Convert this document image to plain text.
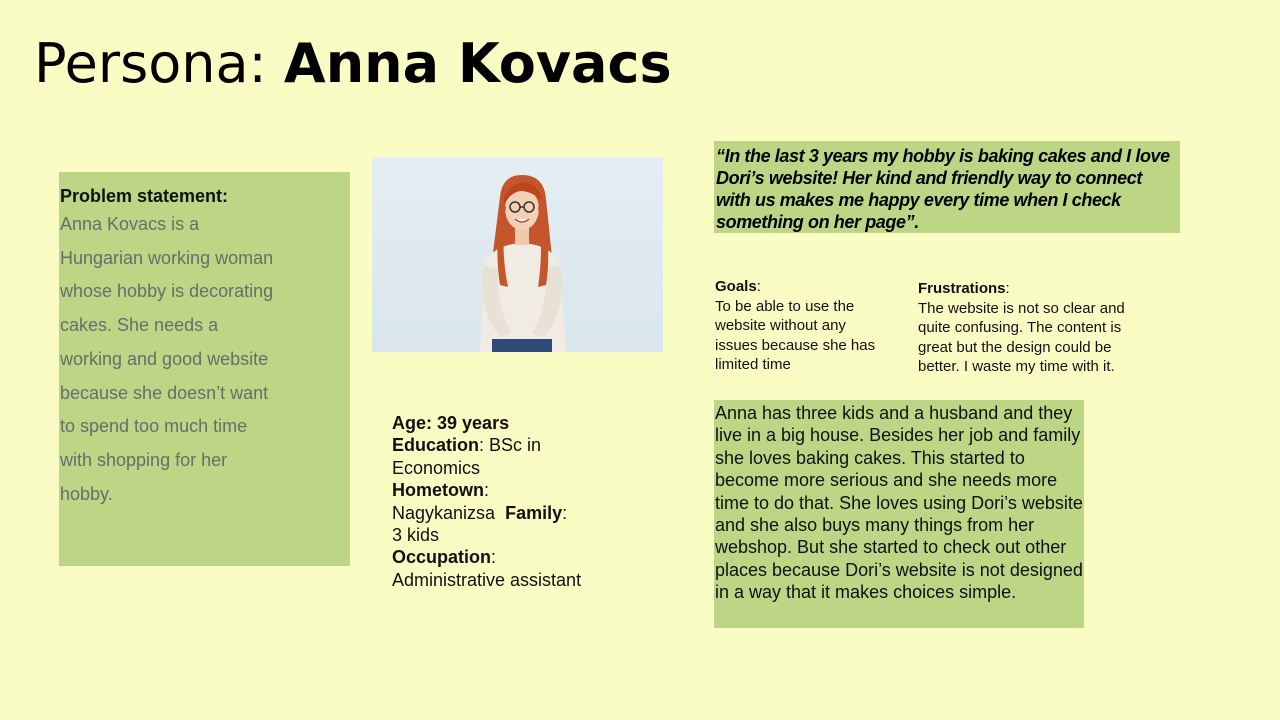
Persona: Anna Kovacs
Problem statement:
Anna Kovacs is a Hungarian working woman whose hobby is decorating cakes. She needs a working and good website because she doesn’t want to spend too much time with shopping for her hobby.
Age: 39 years
Education: BSc in Economics
Hometown: Nagykanizsa Family: 3 kids
Occupation: Administrative assistant
“In the last 3 years my hobby is baking cakes and I love Dori’s website! Her kind and friendly way to connect with us makes me happy every time when I check something on her page”.
Goals:
To be able to use the website without any issues because she has limited time
Frustrations:
The website is not so clear and quite confusing. The content is great but the design could be better. I waste my time with it.
Anna has three kids and a husband and they live in a big house. Besides her job and family she loves baking cakes. This started to become more serious and she needs more time to do that. She loves using Dori’s website and she also buys many things from her webshop. But she started to check out other places because Dori’s website is not designed in a way that it makes choices simple.
